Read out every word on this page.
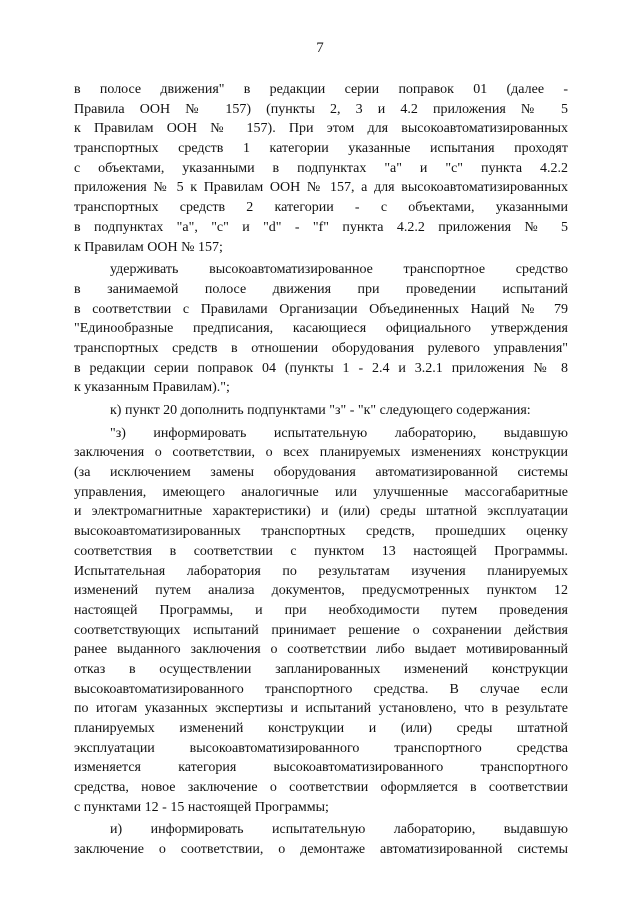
7
в полосе движения" в редакции серии поправок 01 (далее -
Правила ООН № 157) (пункты 2, 3 и 4.2 приложения № 5
к Правилам ООН № 157). При этом для высокоавтоматизированных
транспортных средств 1 категории указанные испытания проходят
с объектами, указанными в подпунктах "а" и "с" пункта 4.2.2
приложения № 5 к Правилам ООН № 157, а для высокоавтоматизированных
транспортных средств 2 категории - с объектами, указанными
в подпунктах "а", "с" и "d" - "f" пункта 4.2.2 приложения № 5
к Правилам ООН № 157;
удерживать высокоавтоматизированное транспортное средство
в занимаемой полосе движения при проведении испытаний
в соответствии с Правилами Организации Объединенных Наций № 79
"Единообразные предписания, касающиеся официального утверждения
транспортных средств в отношении оборудования рулевого управления"
в редакции серии поправок 04 (пункты 1 - 2.4 и 3.2.1 приложения № 8
к указанным Правилам).";
к) пункт 20 дополнить подпунктами "з" - "к" следующего содержания:
"з) информировать испытательную лабораторию, выдавшую
заключения о соответствии, о всех планируемых изменениях конструкции
(за исключением замены оборудования автоматизированной системы
управления, имеющего аналогичные или улучшенные массогабаритные
и электромагнитные характеристики) и (или) среды штатной эксплуатации
высокоавтоматизированных транспортных средств, прошедших оценку
соответствия в соответствии с пунктом 13 настоящей Программы.
Испытательная лаборатория по результатам изучения планируемых
изменений путем анализа документов, предусмотренных пунктом 12
настоящей Программы, и при необходимости путем проведения
соответствующих испытаний принимает решение о сохранении действия
ранее выданного заключения о соответствии либо выдает мотивированный
отказ в осуществлении запланированных изменений конструкции
высокоавтоматизированного транспортного средства. В случае если
по итогам указанных экспертизы и испытаний установлено, что в результате
планируемых изменений конструкции и (или) среды штатной
эксплуатации высокоавтоматизированного транспортного средства
изменяется категория высокоавтоматизированного транспортного
средства, новое заключение о соответствии оформляется в соответствии
с пунктами 12 - 15 настоящей Программы;
и) информировать испытательную лабораторию, выдавшую
заключение о соответствии, о демонтаже автоматизированной системы
